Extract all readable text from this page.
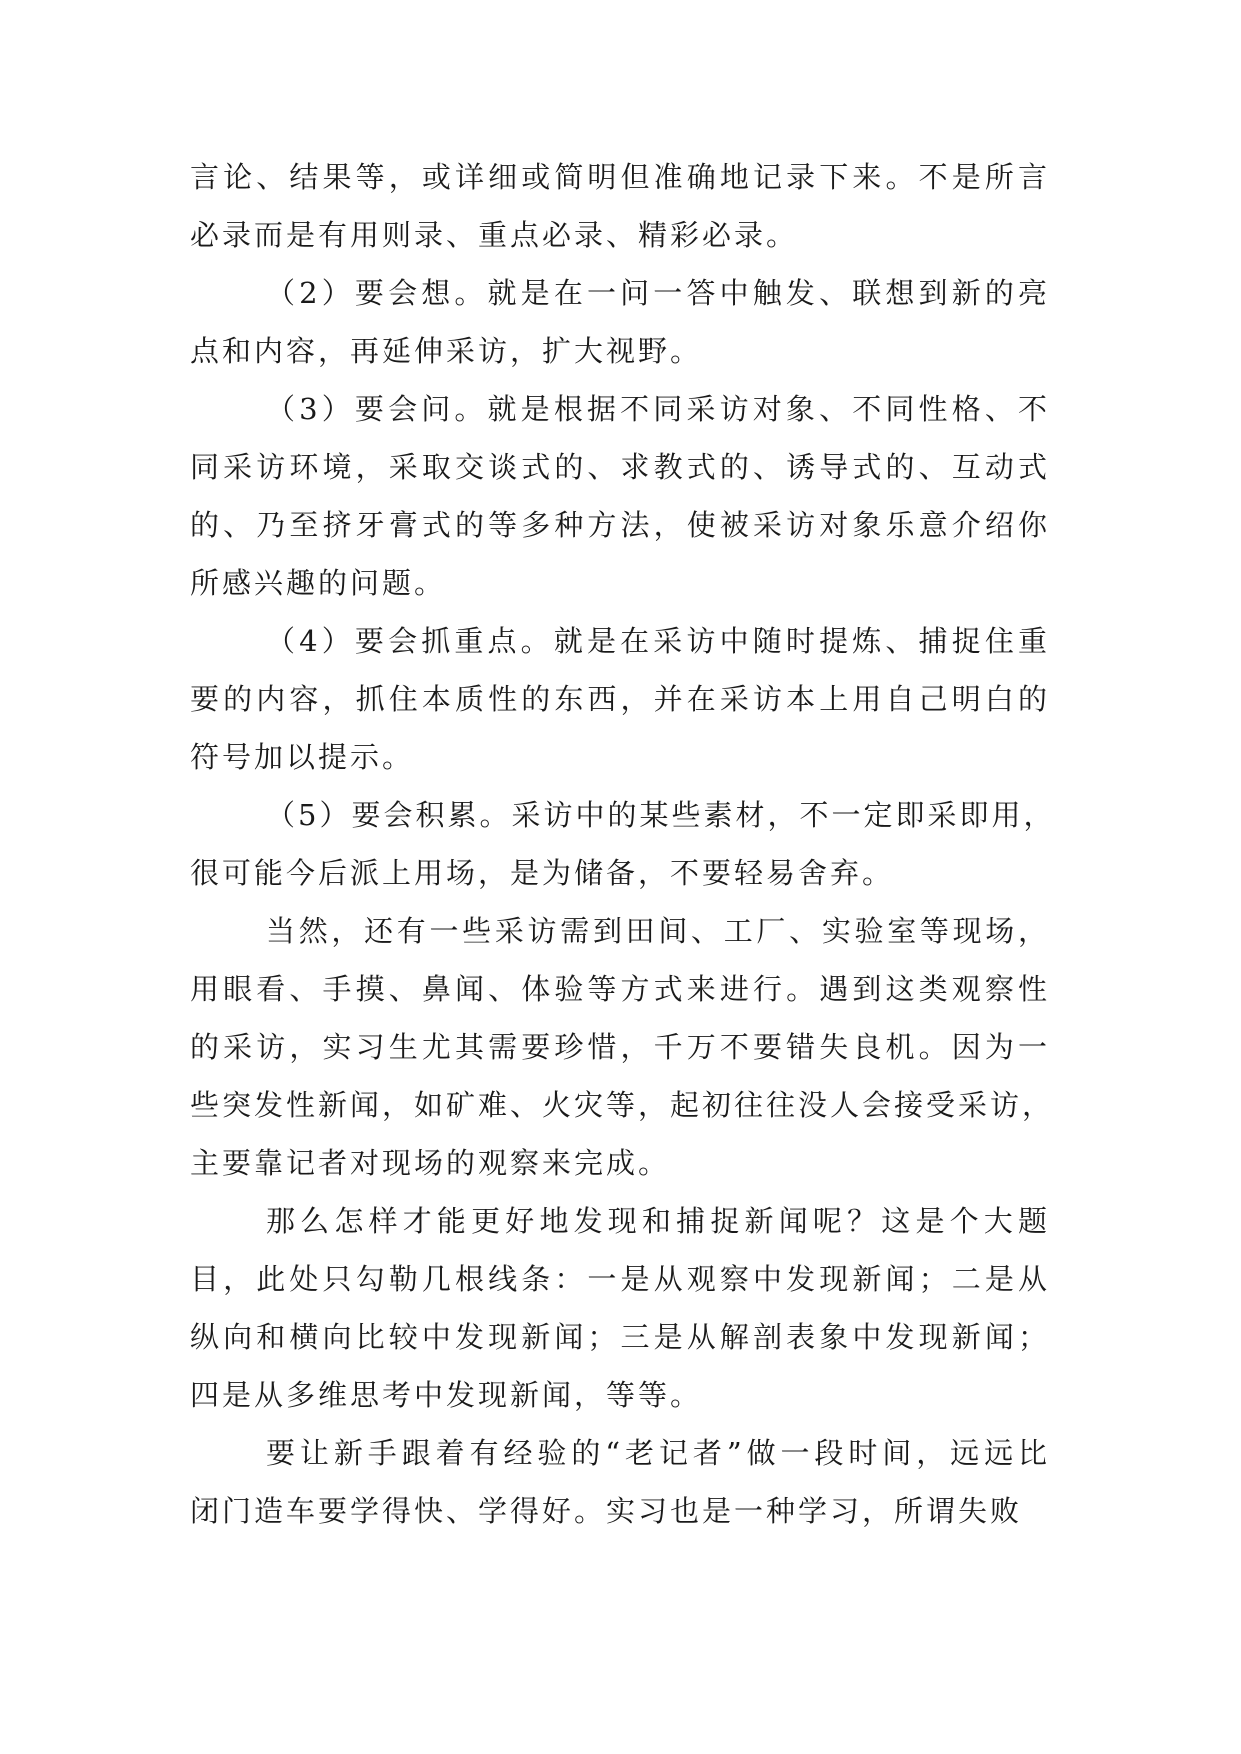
言论、结果等，或详细或简明但准确地记录下来。不是所言
必录而是有用则录、重点必录、精彩必录。
（2）要会想。就是在一问一答中触发、联想到新的亮
点和内容，再延伸采访，扩大视野。
（3）要会问。就是根据不同采访对象、不同性格、不
同采访环境，采取交谈式的、求教式的、诱导式的、互动式
的、乃至挤牙膏式的等多种方法，使被采访对象乐意介绍你
所感兴趣的问题。
（4）要会抓重点。就是在采访中随时提炼、捕捉住重
要的内容，抓住本质性的东西，并在采访本上用自己明白的
符号加以提示。
（5）要会积累。采访中的某些素材，不一定即采即用，
很可能今后派上用场，是为储备，不要轻易舍弃。
当然，还有一些采访需到田间、工厂、实验室等现场，
用眼看、手摸、鼻闻、体验等方式来进行。遇到这类观察性
的采访，实习生尤其需要珍惜，千万不要错失良机。因为一
些突发性新闻，如矿难、火灾等，起初往往没人会接受采访，
主要靠记者对现场的观察来完成。
那么怎样才能更好地发现和捕捉新闻呢？这是个大题
目，此处只勾勒几根线条：一是从观察中发现新闻；二是从
纵向和横向比较中发现新闻；三是从解剖表象中发现新闻；
四是从多维思考中发现新闻，等等。
要让新手跟着有经验的“老记者”做一段时间，远远比
闭门造车要学得快、学得好。实习也是一种学习，所谓失败
